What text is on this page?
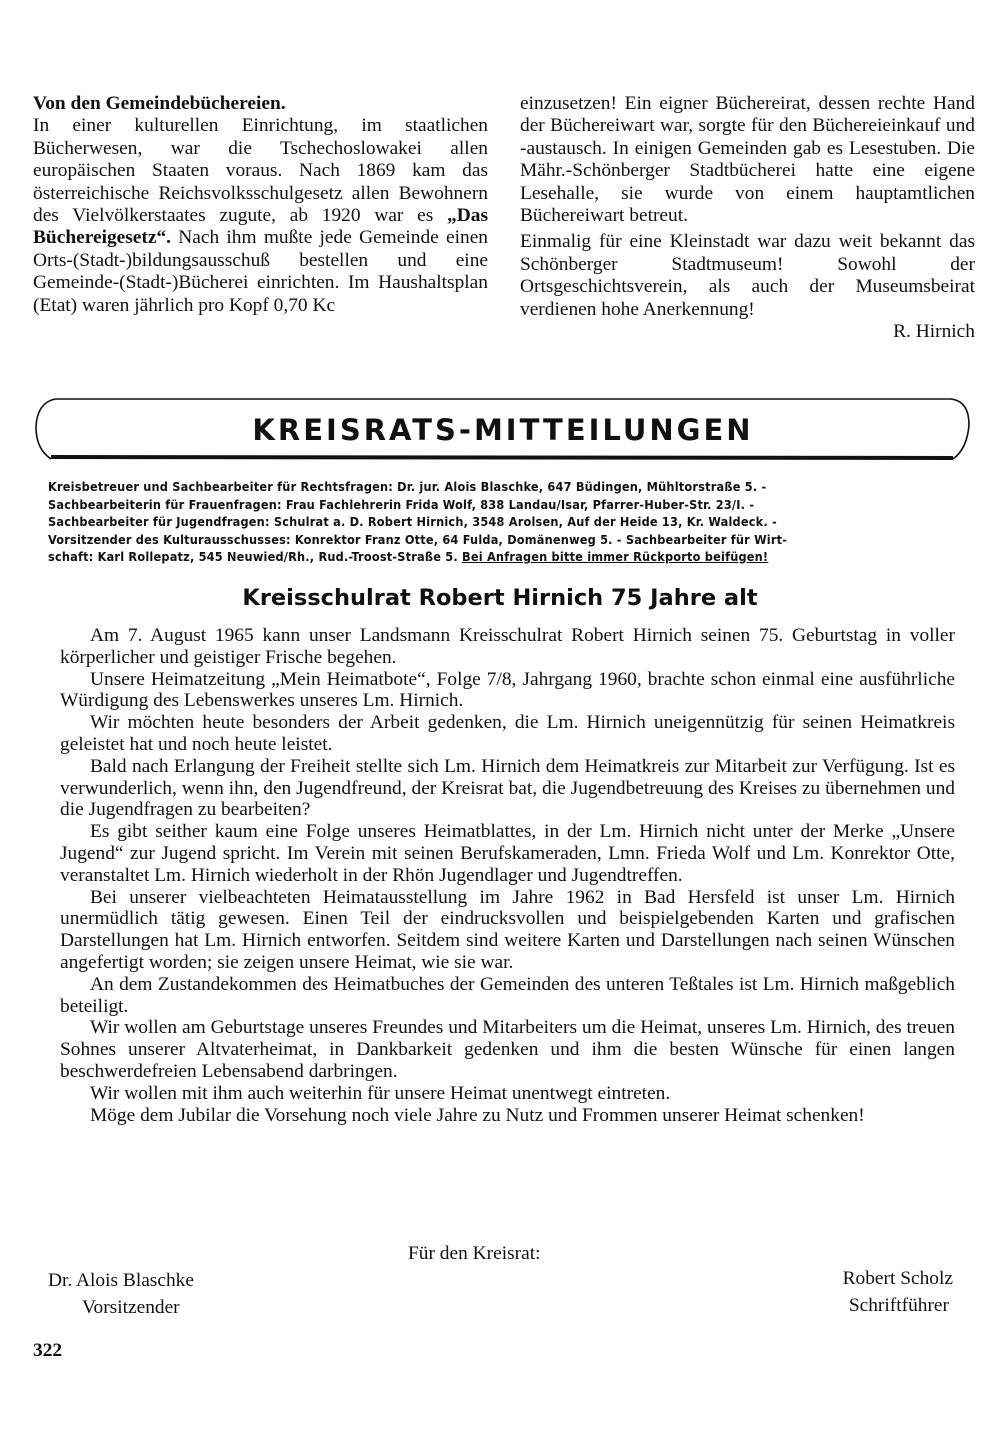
Von den Gemeindebüchereien.

In einer kulturellen Einrichtung, im staatlichen Bücherwesen, war die Tschechoslowakei allen europäischen Staaten voraus. Nach 1869 kam das österreichische Reichsvolksschulgesetz allen Bewohnern des Vielvölkerstaates zugute, ab 1920 war es „Das Büchereigesetz“. Nach ihm mußte jede Gemeinde einen Orts-(Stadt-)bildungsausschuß bestellen und eine Gemeinde-(Stadt-)Bücherei einrichten. Im Haushaltsplan (Etat) waren jährlich pro Kopf 0,70 Kc

einzusetzen! Ein eigner Büchereirat, dessen rechte Hand der Büchereiwart war, sorgte für den Büchereieinkauf und -austausch. In einigen Gemeinden gab es Lesestuben. Die Mähr.-Schönberger Stadtbücherei hatte eine eigene Lesehalle, sie wurde von einem hauptamtlichen Büchereiwart betreut.

Einmalig für eine Kleinstadt war dazu weit bekannt das Schönberger Stadtmuseum! Sowohl der Ortsgeschichtsverein, als auch der Museumsbeirat verdienen hohe Anerkennung!

R. Hirnich

KREISRATS-MITTEILUNGEN
Kreisbetreuer und Sachbearbeiter für Rechtsfragen: Dr. jur. Alois Blaschke, 647 Büdingen, Mühltorstraße 5. -
Sachbearbeiterin für Frauenfragen: Frau Fachlehrerin Frida Wolf, 838 Landau/Isar, Pfarrer-Huber-Str. 23/I. -
Sachbearbeiter für Jugendfragen: Schulrat a. D. Robert Hirnich, 3548 Arolsen, Auf der Heide 13, Kr. Waldeck. -
Vorsitzender des Kulturausschusses: Konrektor Franz Otte, 64 Fulda, Domänenweg 5. - Sachbearbeiter für Wirt-
schaft: Karl Rollepatz, 545 Neuwied/Rh., Rud.-Troost-Straße 5. Bei Anfragen bitte immer Rückporto beifügen!
Kreisschulrat Robert Hirnich 75 Jahre alt

Am 7. August 1965 kann unser Landsmann Kreisschulrat Robert Hirnich seinen 75. Geburtstag in voller körperlicher und geistiger Frische begehen.

Unsere Heimatzeitung „Mein Heimatbote“, Folge 7/8, Jahrgang 1960, brachte schon einmal eine ausführliche Würdigung des Lebenswerkes unseres Lm. Hirnich.

Wir möchten heute besonders der Arbeit gedenken, die Lm. Hirnich uneigennützig für seinen Heimatkreis geleistet hat und noch heute leistet.

Bald nach Erlangung der Freiheit stellte sich Lm. Hirnich dem Heimatkreis zur Mitarbeit zur Verfügung. Ist es verwunderlich, wenn ihn, den Jugendfreund, der Kreisrat bat, die Jugendbetreuung des Kreises zu übernehmen und die Jugendfragen zu bearbeiten?

Es gibt seither kaum eine Folge unseres Heimatblattes, in der Lm. Hirnich nicht unter der Merke „Unsere Jugend“ zur Jugend spricht. Im Verein mit seinen Berufskameraden, Lmn. Frieda Wolf und Lm. Konrektor Otte, veranstaltet Lm. Hirnich wiederholt in der Rhön Jugendlager und Jugendtreffen.

Bei unserer vielbeachteten Heimatausstellung im Jahre 1962 in Bad Hersfeld ist unser Lm. Hirnich unermüdlich tätig gewesen. Einen Teil der eindrucksvollen und beispielgebenden Karten und grafischen Darstellungen hat Lm. Hirnich entworfen. Seitdem sind weitere Karten und Darstellungen nach seinen Wünschen angefertigt worden; sie zeigen unsere Heimat, wie sie war.

An dem Zustandekommen des Heimatbuches der Gemeinden des unteren Teßtales ist Lm. Hirnich maßgeblich beteiligt.

Wir wollen am Geburtstage unseres Freundes und Mitarbeiters um die Heimat, unseres Lm. Hirnich, des treuen Sohnes unserer Altvaterheimat, in Dankbarkeit gedenken und ihm die besten Wünsche für einen langen beschwerdefreien Lebensabend darbringen.

Wir wollen mit ihm auch weiterhin für unsere Heimat unentwegt eintreten.

Möge dem Jubilar die Vorsehung noch viele Jahre zu Nutz und Frommen unserer Heimat schenken!

Für den Kreisrat:
Dr. Alois Blaschke
Vorsitzender
Robert Scholz
Schriftführer
322
